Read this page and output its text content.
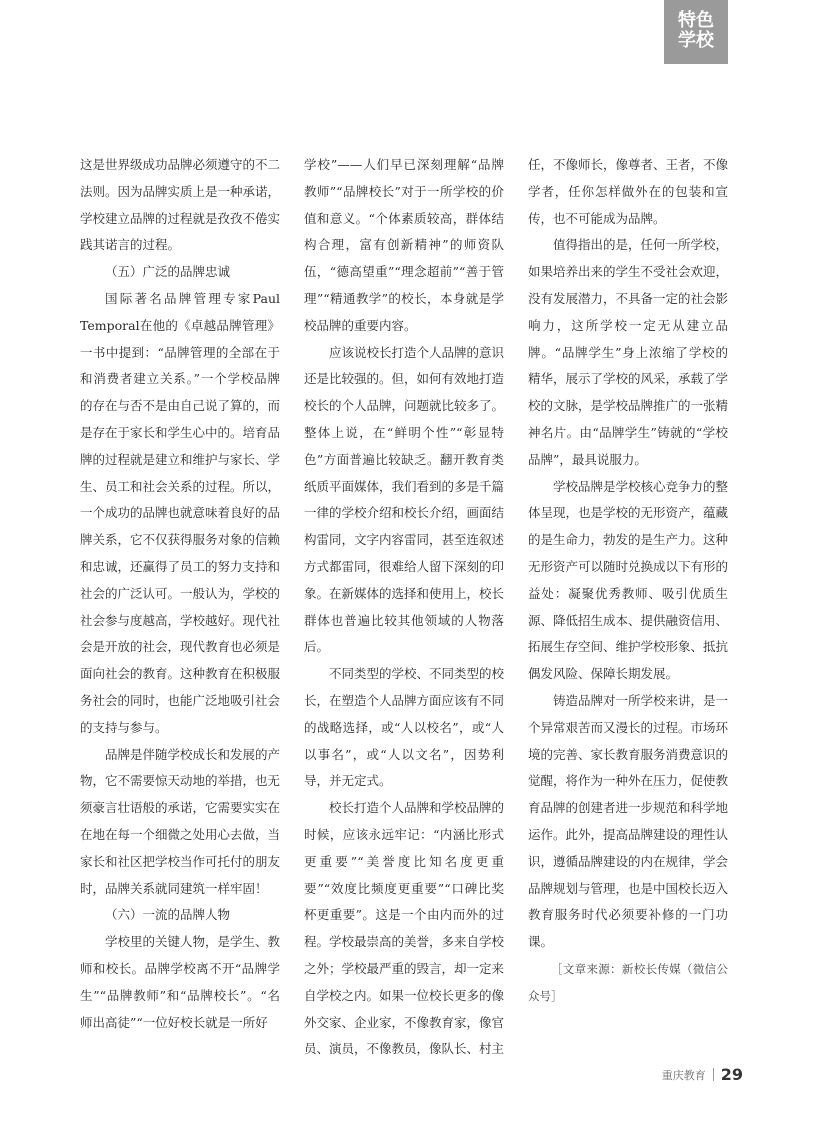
特色
学校

这是世界级成功品牌必须遵守的不二法则。因为品牌实质上是一种承诺，学校建立品牌的过程就是孜孜不倦实践其诺言的过程。

（五）广泛的品牌忠诚

国际著名品牌管理专家Paul Temporal在他的《卓越品牌管理》一书中提到：“品牌管理的全部在于和消费者建立关系。”一个学校品牌的存在与否不是由自己说了算的，而是存在于家长和学生心中的。培育品牌的过程就是建立和维护与家长、学生、员工和社会关系的过程。所以，一个成功的品牌也就意味着良好的品牌关系，它不仅获得服务对象的信赖和忠诚，还赢得了员工的努力支持和社会的广泛认可。一般认为，学校的社会参与度越高，学校越好。现代社会是开放的社会，现代教育也必须是面向社会的教育。这种教育在积极服务社会的同时，也能广泛地吸引社会的支持与参与。

品牌是伴随学校成长和发展的产物，它不需要惊天动地的举措，也无须豪言壮语般的承诺，它需要实实在在地在每一个细微之处用心去做，当家长和社区把学校当作可托付的朋友时，品牌关系就同建筑一样牢固！

（六）一流的品牌人物

学校里的关键人物，是学生、教师和校长。品牌学校离不开“品牌学生”“品牌教师”和“品牌校长”。“名师出高徒”“一位好校长就是一所好

学校”——人们早已深刻理解“品牌教师”“品牌校长”对于一所学校的价值和意义。“个体素质较高，群体结构合理，富有创新精神”的师资队伍，“德高望重”“理念超前”“善于管理”“精通教学”的校长，本身就是学校品牌的重要内容。

应该说校长打造个人品牌的意识还是比较强的。但，如何有效地打造校长的个人品牌，问题就比较多了。整体上说，在“鲜明个性”“彰显特色”方面普遍比较缺乏。翻开教育类纸质平面媒体，我们看到的多是千篇一律的学校介绍和校长介绍，画面结构雷同，文字内容雷同，甚至连叙述方式都雷同，很难给人留下深刻的印象。在新媒体的选择和使用上，校长群体也普遍比较其他领域的人物落后。

不同类型的学校、不同类型的校长，在塑造个人品牌方面应该有不同的战略选择，或“人以校名”，或“人以事名”，或“人以文名”，因势利导，并无定式。

校长打造个人品牌和学校品牌的时候，应该永远牢记：“内涵比形式更重要”“美誉度比知名度更重要”“效度比频度更重要”“口碑比奖杯更重要”。这是一个由内而外的过程。学校最崇高的美誉，多来自学校之外；学校最严重的毁言，却一定来自学校之内。如果一位校长更多的像外交家、企业家，不像教育家，像官员、演员，不像教员，像队长、村主

任，不像师长，像尊者、王者，不像学者，任你怎样做外在的包装和宣传，也不可能成为品牌。

值得指出的是，任何一所学校，如果培养出来的学生不受社会欢迎，没有发展潜力，不具备一定的社会影响力，这所学校一定无从建立品牌。“品牌学生”身上浓缩了学校的精华，展示了学校的风采，承载了学校的文脉，是学校品牌推广的一张精神名片。由“品牌学生”铸就的“学校品牌”，最具说服力。

学校品牌是学校核心竞争力的整体呈现，也是学校的无形资产，蕴藏的是生命力，勃发的是生产力。这种无形资产可以随时兑换成以下有形的益处：凝聚优秀教师、吸引优质生源、降低招生成本、提供融资信用、拓展生存空间、维护学校形象、抵抗偶发风险、保障长期发展。

铸造品牌对一所学校来讲，是一个异常艰苦而又漫长的过程。市场环境的完善、家长教育服务消费意识的觉醒，将作为一种外在压力，促使教育品牌的创建者进一步规范和科学地运作。此外，提高品牌建设的理性认识，遵循品牌建设的内在规律，学会品牌规划与管理，也是中国校长迈入教育服务时代必须要补修的一门功课。

［文章来源：新校长传媒（微信公众号］

重庆教育 29
